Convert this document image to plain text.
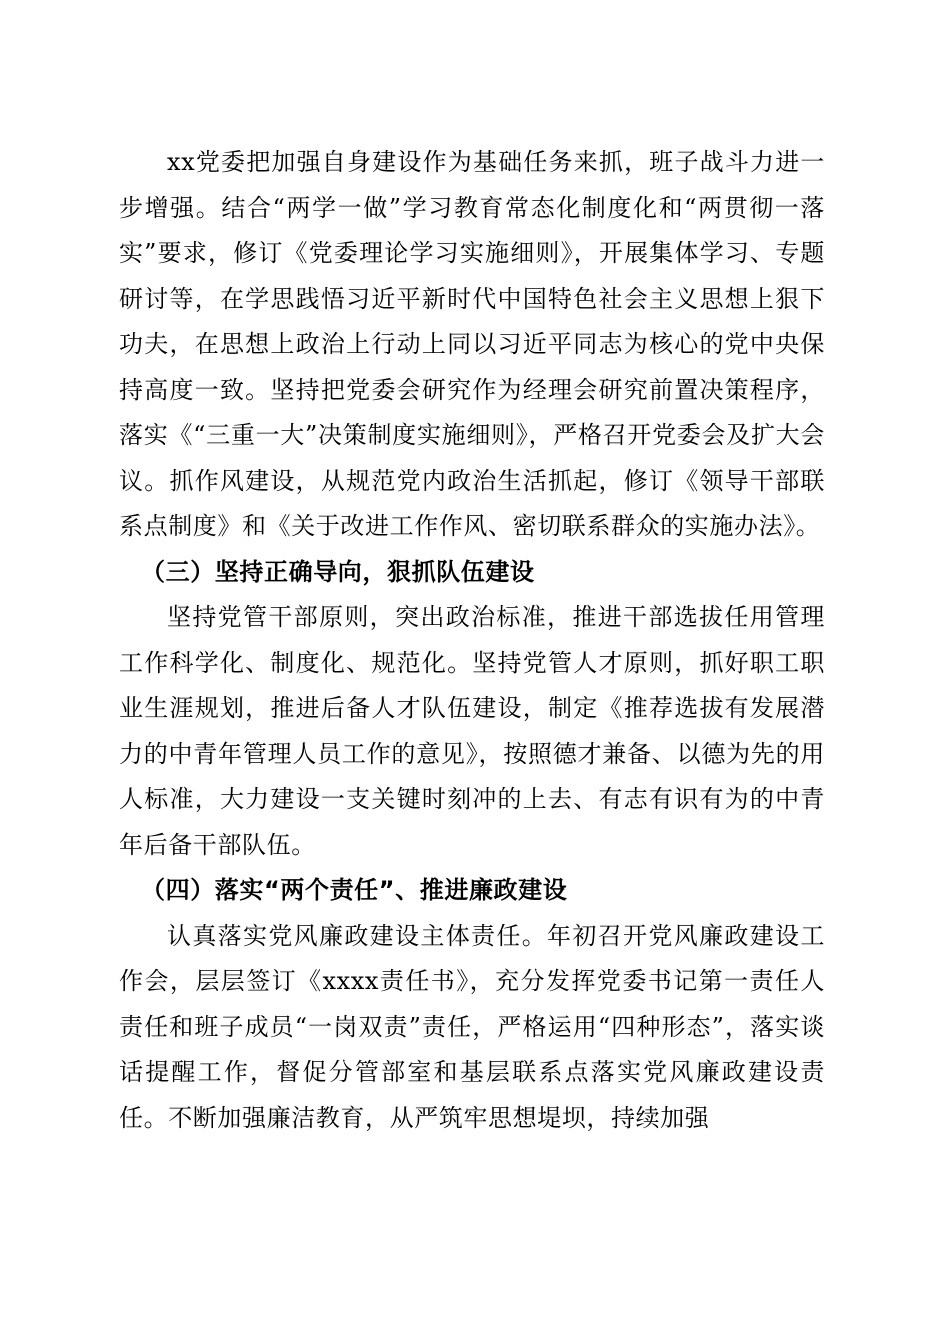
xx党委把加强自身建设作为基础任务来抓，班子战斗力进一步增强。结合“两学一做”学习教育常态化制度化和“两贯彻一落实”要求，修订《党委理论学习实施细则》，开展集体学习、专题研讨等，在学思践悟习近平新时代中国特色社会主义思想上狠下功夫，在思想上政治上行动上同以习近平同志为核心的党中央保持高度一致。坚持把党委会研究作为经理会研究前置决策程序，落实《“三重一大”决策制度实施细则》，严格召开党委会及扩大会议。抓作风建设，从规范党内政治生活抓起，修订《领导干部联系点制度》和《关于改进工作作风、密切联系群众的实施办法》。

（三）坚持正确导向，狠抓队伍建设

坚持党管干部原则，突出政治标准，推进干部选拔任用管理工作科学化、制度化、规范化。坚持党管人才原则，抓好职工职业生涯规划，推进后备人才队伍建设，制定《推荐选拔有发展潜力的中青年管理人员工作的意见》，按照德才兼备、以德为先的用人标准，大力建设一支关键时刻冲的上去、有志有识有为的中青年后备干部队伍。

（四）落实“两个责任”、推进廉政建设

认真落实党风廉政建设主体责任。年初召开党风廉政建设工作会，层层签订《xxxx责任书》，充分发挥党委书记第一责任人责任和班子成员“一岗双责”责任，严格运用“四种形态”，落实谈话提醒工作，督促分管部室和基层联系点落实党风廉政建设责任。不断加强廉洁教育，从严筑牢思想堤坝，持续加强
